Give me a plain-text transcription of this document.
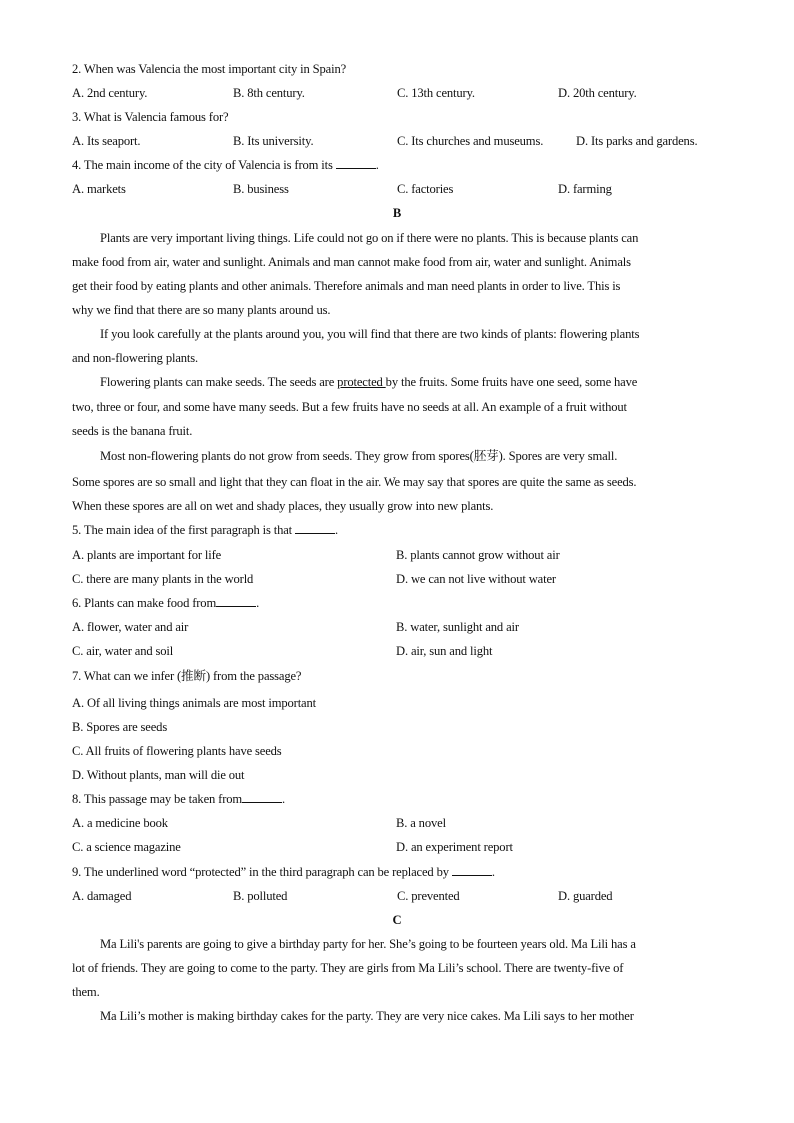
2. When was Valencia the most important city in Spain?
A. 2nd century.	B. 8th century.	C. 13th century.	D. 20th century.
3. What is Valencia famous for?
A. Its seaport.	B. Its university.	C. Its churches and museums.	D. Its parks and gardens.
4. The main income of the city of Valencia is from its	.
A. markets	B. business	C. factories	D. farming
B
Plants are very important living things. Life could not go on if there were no plants. This is because plants can
make food from air, water and sunlight. Animals and man cannot make food from air, water and sunlight. Animals
get their food by eating plants and other animals. Therefore animals and man need plants in order to live. This is
why we find that there are so many plants around us.
If you look carefully at the plants around you, you will find that there are two kinds of plants: flowering plants
and non-flowering plants.
Flowering plants can make seeds. The seeds are protected by the fruits. Some fruits have one seed, some have
two, three or four, and some have many seeds. But a few fruits have no seeds at all. An example of a fruit without
seeds is the banana fruit.
Most non-flowering plants do not grow from seeds. They grow from spores(胚芽). Spores are very small.
Some spores are so small and light that they can float in the air. We may say that spores are quite the same as seeds.
When these spores are all on wet and shady places, they usually grow into new plants.
5. The main idea of the first paragraph is that	.
A. plants are important for life	B. plants cannot grow without air
C. there are many plants in the world	D. we can not live without water
6. Plants can make food from	.
A. flower, water and air	B. water, sunlight and air
C. air, water and soil	D. air, sun and light
7. What can we infer (推断) from the passage?
A. Of all living things animals are most important
B. Spores are seeds
C. All fruits of flowering plants have seeds
D. Without plants, man will die out
8. This passage may be taken from	.
A. a medicine book	B. a novel
C. a science magazine	D. an experiment report
9. The underlined word “protected” in the third paragraph can be replaced by	.
A. damaged	B. polluted	C. prevented	D. guarded
C
Ma Lili's parents are going to give a birthday party for her. She’s going to be fourteen years old. Ma Lili has a
lot of friends. They are going to come to the party. They are girls from Ma Lili’s school. There are twenty-five of
them.
Ma Lili’s mother is making birthday cakes for the party. They are very nice cakes. Ma Lili says to her mother
